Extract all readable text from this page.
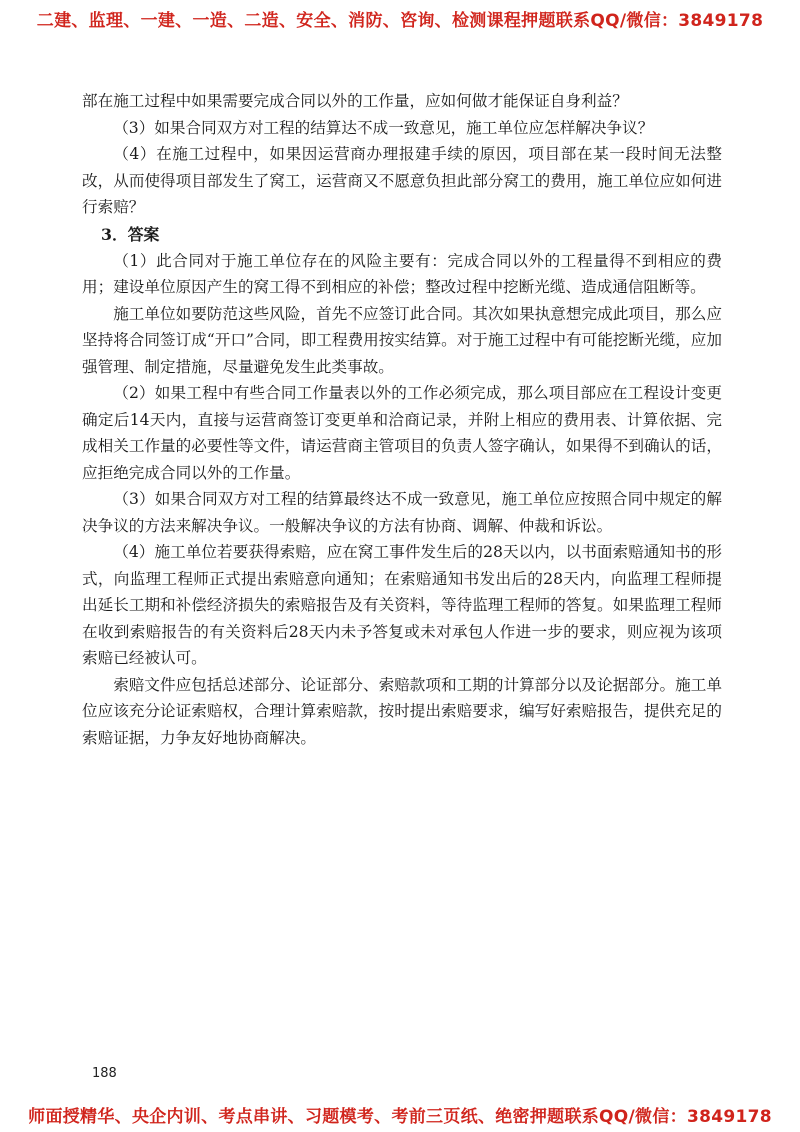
二建、监理、一建、一造、二造、安全、消防、咨询、检测课程押题联系QQ/微信：3849178

部在施工过程中如果需要完成合同以外的工作量，应如何做才能保证自身利益？

（3）如果合同双方对工程的结算达不成一致意见，施工单位应怎样解决争议？

（4）在施工过程中，如果因运营商办理报建手续的原因，项目部在某一段时间无法整改，从而使得项目部发生了窝工，运营商又不愿意负担此部分窝工的费用，施工单位应如何进行索赔？

3．答案

（1）此合同对于施工单位存在的风险主要有：完成合同以外的工程量得不到相应的费用；建设单位原因产生的窝工得不到相应的补偿；整改过程中挖断光缆、造成通信阻断等。

施工单位如要防范这些风险，首先不应签订此合同。其次如果执意想完成此项目，那么应坚持将合同签订成“开口”合同，即工程费用按实结算。对于施工过程中有可能挖断光缆，应加强管理、制定措施，尽量避免发生此类事故。

（2）如果工程中有些合同工作量表以外的工作必须完成，那么项目部应在工程设计变更确定后14天内，直接与运营商签订变更单和洽商记录，并附上相应的费用表、计算依据、完成相关工作量的必要性等文件，请运营商主管项目的负责人签字确认，如果得不到确认的话，应拒绝完成合同以外的工作量。

（3）如果合同双方对工程的结算最终达不成一致意见，施工单位应按照合同中规定的解决争议的方法来解决争议。一般解决争议的方法有协商、调解、仲裁和诉讼。

（4）施工单位若要获得索赔，应在窝工事件发生后的28天以内，以书面索赔通知书的形式，向监理工程师正式提出索赔意向通知；在索赔通知书发出后的28天内，向监理工程师提出延长工期和补偿经济损失的索赔报告及有关资料，等待监理工程师的答复。如果监理工程师在收到索赔报告的有关资料后28天内未予答复或未对承包人作进一步的要求，则应视为该项索赔已经被认可。

索赔文件应包括总述部分、论证部分、索赔款项和工期的计算部分以及论据部分。施工单位应该充分论证索赔权，合理计算索赔款，按时提出索赔要求，编写好索赔报告，提供充足的索赔证据，力争友好地协商解决。

188
师面授精华、央企内训、考点串讲、习题模考、考前三页纸、绝密押题联系QQ/微信：3849178
